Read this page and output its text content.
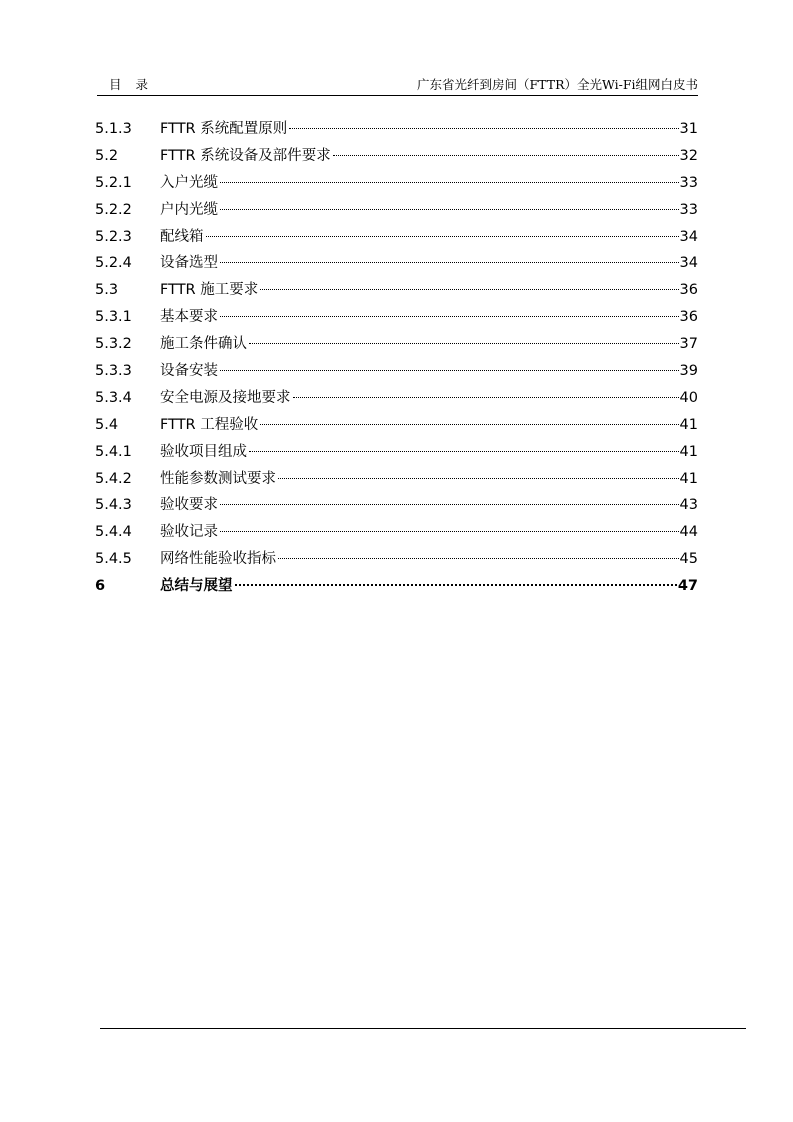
目录	广东省光纤到房间（FTTR）全光Wi-Fi组网白皮书
5.1.3	FTTR 系统配置原则	31
5.2	FTTR 系统设备及部件要求	32
5.2.1	入户光缆	33
5.2.2	户内光缆	33
5.2.3	配线箱	34
5.2.4	设备选型	34
5.3	FTTR 施工要求	36
5.3.1	基本要求	36
5.3.2	施工条件确认	37
5.3.3	设备安装	39
5.3.4	安全电源及接地要求	40
5.4	FTTR 工程验收	41
5.4.1	验收项目组成	41
5.4.2	性能参数测试要求	41
5.4.3	验收要求	43
5.4.4	验收记录	44
5.4.5	网络性能验收指标	45
6	总结与展望	47
